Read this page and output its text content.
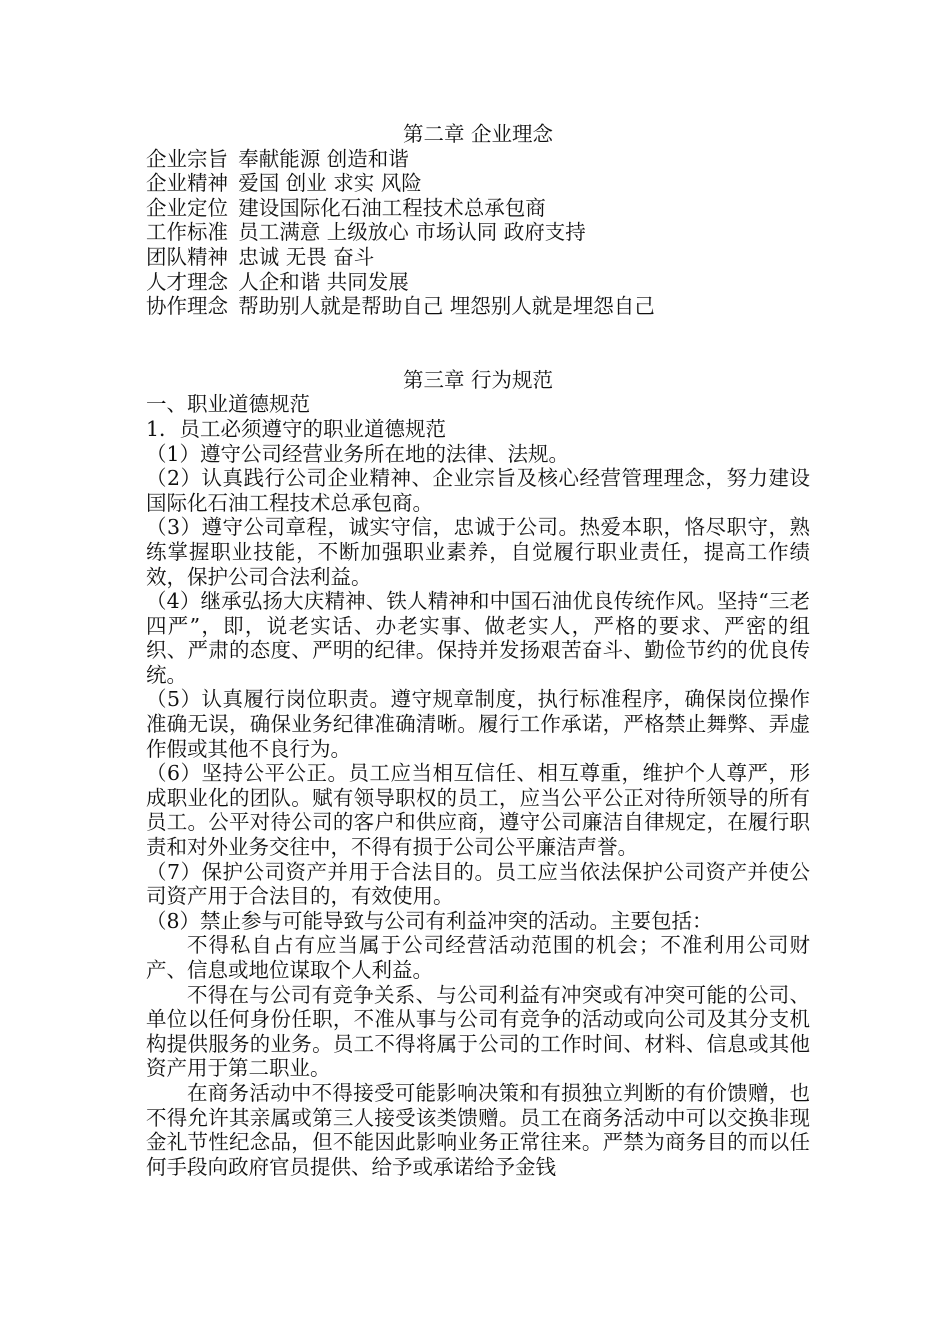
第二章 企业理念

企业宗旨 奉献能源 创造和谐

企业精神 爱国 创业 求实 风险

企业定位 建设国际化石油工程技术总承包商

工作标准 员工满意 上级放心 市场认同 政府支持

团队精神 忠诚 无畏 奋斗

人才理念 人企和谐 共同发展

协作理念 帮助别人就是帮助自己 埋怨别人就是埋怨自己

第三章 行为规范

一、职业道德规范

1．员工必须遵守的职业道德规范

（1）遵守公司经营业务所在地的法律、法规。

（2）认真践行公司企业精神、企业宗旨及核心经营管理理念，努力建设国际化石油工程技术总承包商。

（3）遵守公司章程，诚实守信，忠诚于公司。热爱本职，恪尽职守，熟练掌握职业技能，不断加强职业素养，自觉履行职业责任，提高工作绩效，保护公司合法利益。

（4）继承弘扬大庆精神、铁人精神和中国石油优良传统作风。坚持“三老四严”，即，说老实话、办老实事、做老实人，严格的要求、严密的组织、严肃的态度、严明的纪律。保持并发扬艰苦奋斗、勤俭节约的优良传统。

（5）认真履行岗位职责。遵守规章制度，执行标准程序，确保岗位操作准确无误，确保业务纪律准确清晰。履行工作承诺，严格禁止舞弊、弄虚作假或其他不良行为。

（6）坚持公平公正。员工应当相互信任、相互尊重，维护个人尊严，形成职业化的团队。赋有领导职权的员工，应当公平公正对待所领导的所有员工。公平对待公司的客户和供应商，遵守公司廉洁自律规定，在履行职责和对外业务交往中，不得有损于公司公平廉洁声誉。

（7）保护公司资产并用于合法目的。员工应当依法保护公司资产并使公司资产用于合法目的，有效使用。

（8）禁止参与可能导致与公司有利益冲突的活动。主要包括：

不得私自占有应当属于公司经营活动范围的机会；不准利用公司财产、信息或地位谋取个人利益。

不得在与公司有竞争关系、与公司利益有冲突或有冲突可能的公司、单位以任何身份任职，不准从事与公司有竞争的活动或向公司及其分支机构提供服务的业务。员工不得将属于公司的工作时间、材料、信息或其他资产用于第二职业。

在商务活动中不得接受可能影响决策和有损独立判断的有价馈赠，也不得允许其亲属或第三人接受该类馈赠。员工在商务活动中可以交换非现金礼节性纪念品，但不能因此影响业务正常往来。严禁为商务目的而以任何手段向政府官员提供、给予或承诺给予金钱
